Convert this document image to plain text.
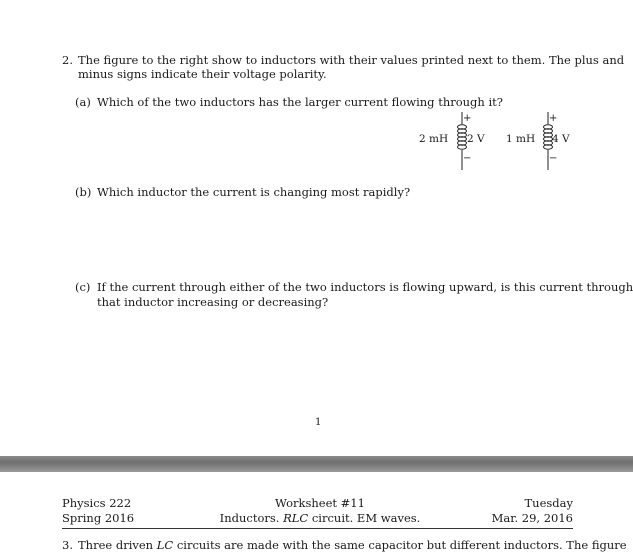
2. The figure to the right show to inductors with their values printed next to them. The plus and
minus signs indicate their voltage polarity.
(a) Which of the two inductors has the larger current flowing through it?
2 mH
+
2 V
−
1 mH
+
4 V
−
(b) Which inductor the current is changing most rapidly?
(c) If the current through either of the two inductors is flowing upward, is this current through
that inductor increasing or decreasing?
1
Physics 222
Spring 2016
Worksheet #11
Inductors. RLC circuit. EM waves.
Tuesday
Mar. 29, 2016
3. Three driven LC circuits are made with the same capacitor but different inductors. The figure
